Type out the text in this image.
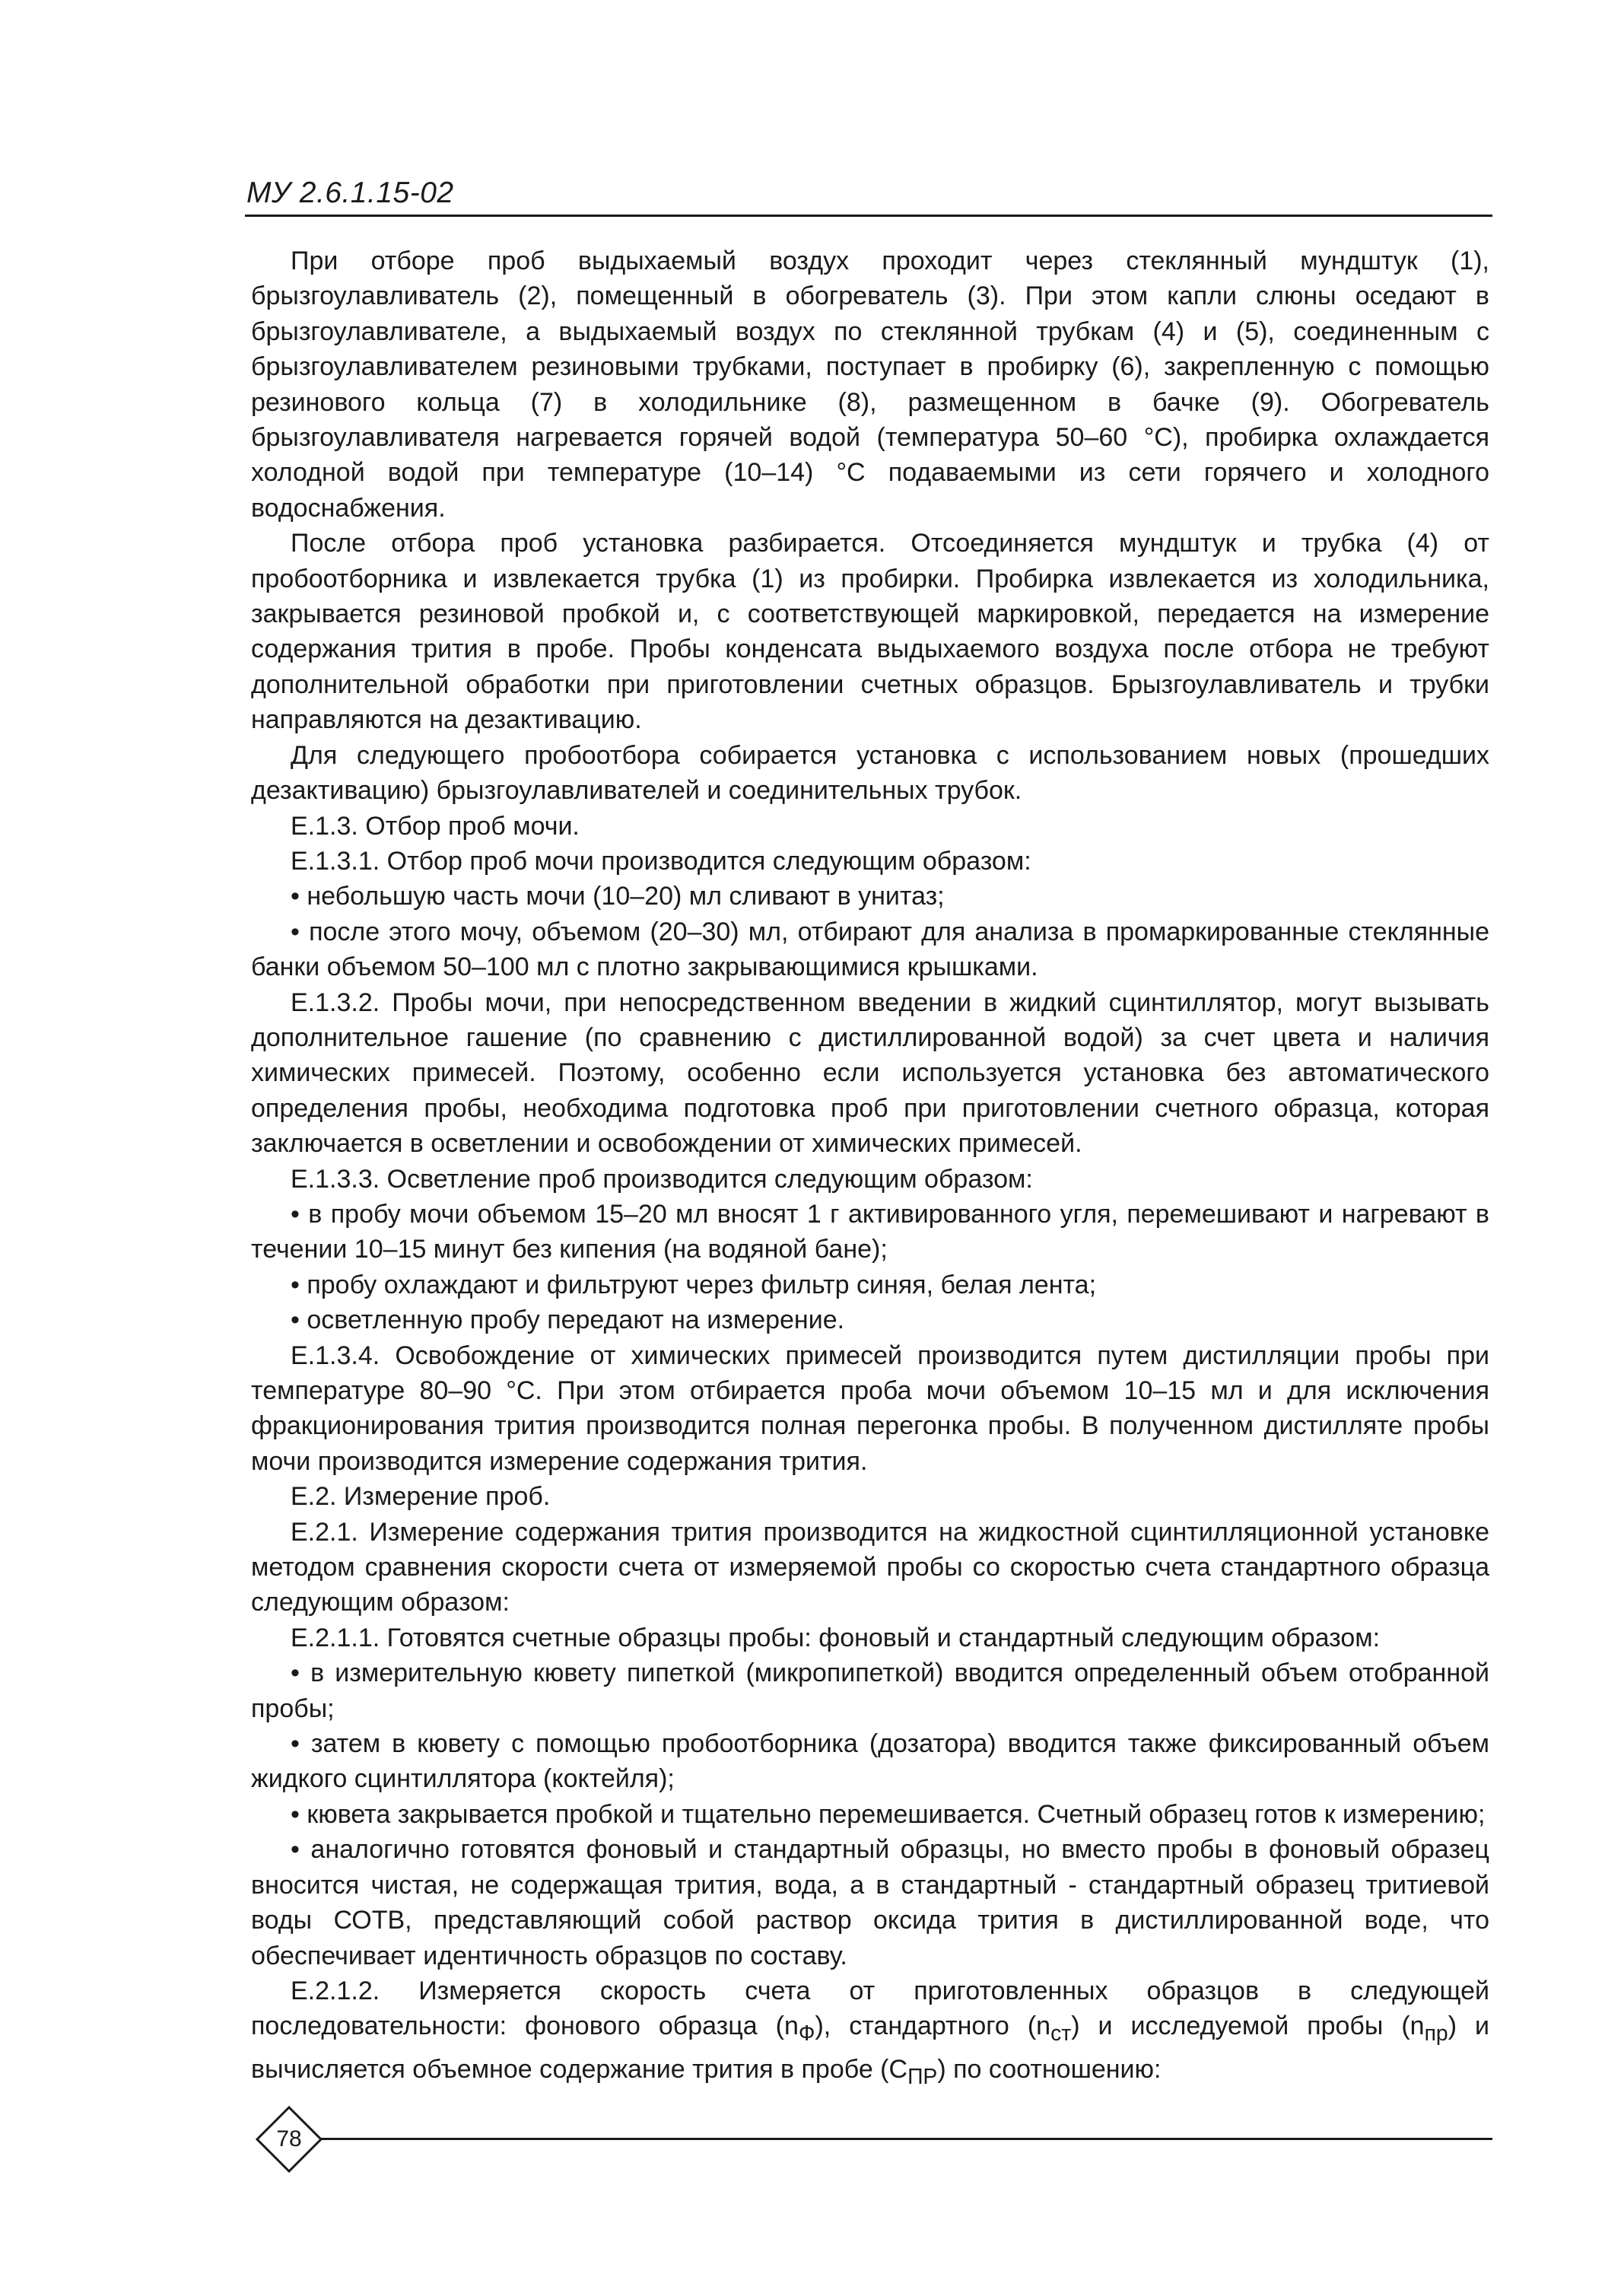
МУ 2.6.1.15-02

При отборе проб выдыхаемый воздух проходит через стеклянный мундштук (1), брызгоулавливатель (2), помещенный в обогреватель (3). При этом капли слюны оседают в брызгоулавливателе, а выдыхаемый воздух по стеклянной трубкам (4) и (5), соединенным с брызгоулавливателем резиновыми трубками, поступает в пробирку (6), закрепленную с помощью резинового кольца (7) в холодильнике (8), размещенном в бачке (9). Обогреватель брызгоулавливателя нагревается горячей водой (температура 50–60 °С), пробирка охлаждается холодной водой при температуре (10–14) °С подаваемыми из сети горячего и холодного водоснабжения.

После отбора проб установка разбирается. Отсоединяется мундштук и трубка (4) от пробоотборника и извлекается трубка (1) из пробирки. Пробирка извлекается из холодильника, закрывается резиновой пробкой и, с соответствующей маркировкой, передается на измерение содержания трития в пробе. Пробы конденсата выдыхаемого воздуха после отбора не требуют дополнительной обработки при приготовлении счетных образцов. Брызгоулавливатель и трубки направляются на дезактивацию.

Для следующего пробоотбора собирается установка с использованием новых (прошедших дезактивацию) брызгоулавливателей и соединительных трубок.

Е.1.3. Отбор проб мочи.

Е.1.3.1. Отбор проб мочи производится следующим образом:

• небольшую часть мочи (10–20) мл сливают в унитаз;

• после этого мочу, объемом (20–30) мл, отбирают для анализа в промаркированные стеклянные банки объемом 50–100 мл с плотно закрывающимися крышками.

Е.1.3.2. Пробы мочи, при непосредственном введении в жидкий сцинтиллятор, могут вызывать дополнительное гашение (по сравнению с дистиллированной водой) за счет цвета и наличия химических примесей. Поэтому, особенно если используется установка без автоматического определения пробы, необходима подготовка проб при приготовлении счетного образца, которая заключается в осветлении и освобождении от химических примесей.

Е.1.3.3. Осветление проб производится следующим образом:

• в пробу мочи объемом 15–20 мл вносят 1 г активированного угля, перемешивают и нагревают в течении 10–15 минут без кипения (на водяной бане);

• пробу охлаждают и фильтруют через фильтр синяя, белая лента;

• осветленную пробу передают на измерение.

Е.1.3.4. Освобождение от химических примесей производится путем дистилляции пробы при температуре 80–90 °С. При этом отбирается проба мочи объемом 10–15 мл и для исключения фракционирования трития производится полная перегонка пробы. В полученном дистилляте пробы мочи производится измерение содержания трития.

Е.2. Измерение проб.

Е.2.1. Измерение содержания трития производится на жидкостной сцинтилляционной установке методом сравнения скорости счета от измеряемой пробы со скоростью счета стандартного образца следующим образом:

Е.2.1.1. Готовятся счетные образцы пробы: фоновый и стандартный следующим образом:

• в измерительную кювету пипеткой (микропипеткой) вводится определенный объем отобранной пробы;

• затем в кювету с помощью пробоотборника (дозатора) вводится также фиксированный объем жидкого сцинтиллятора (коктейля);

• кювета закрывается пробкой и тщательно перемешивается. Счетный образец готов к измерению;

• аналогично готовятся фоновый и стандартный образцы, но вместо пробы в фоновый образец вносится чистая, не содержащая трития, вода, а в стандартный - стандартный образец тритиевой воды СОТВ, представляющий собой раствор оксида трития в дистиллированной воде, что обеспечивает идентичность образцов по составу.

Е.2.1.2. Измеряется скорость счета от приготовленных образцов в следующей последовательности: фонового образца $(n_Ф)$, стандартного $(n_{ст})$ и исследуемой пробы $(n_{пр})$ и вычисляется объемное содержание трития в пробе $(С_{ПР})$ по соотношению:

78
